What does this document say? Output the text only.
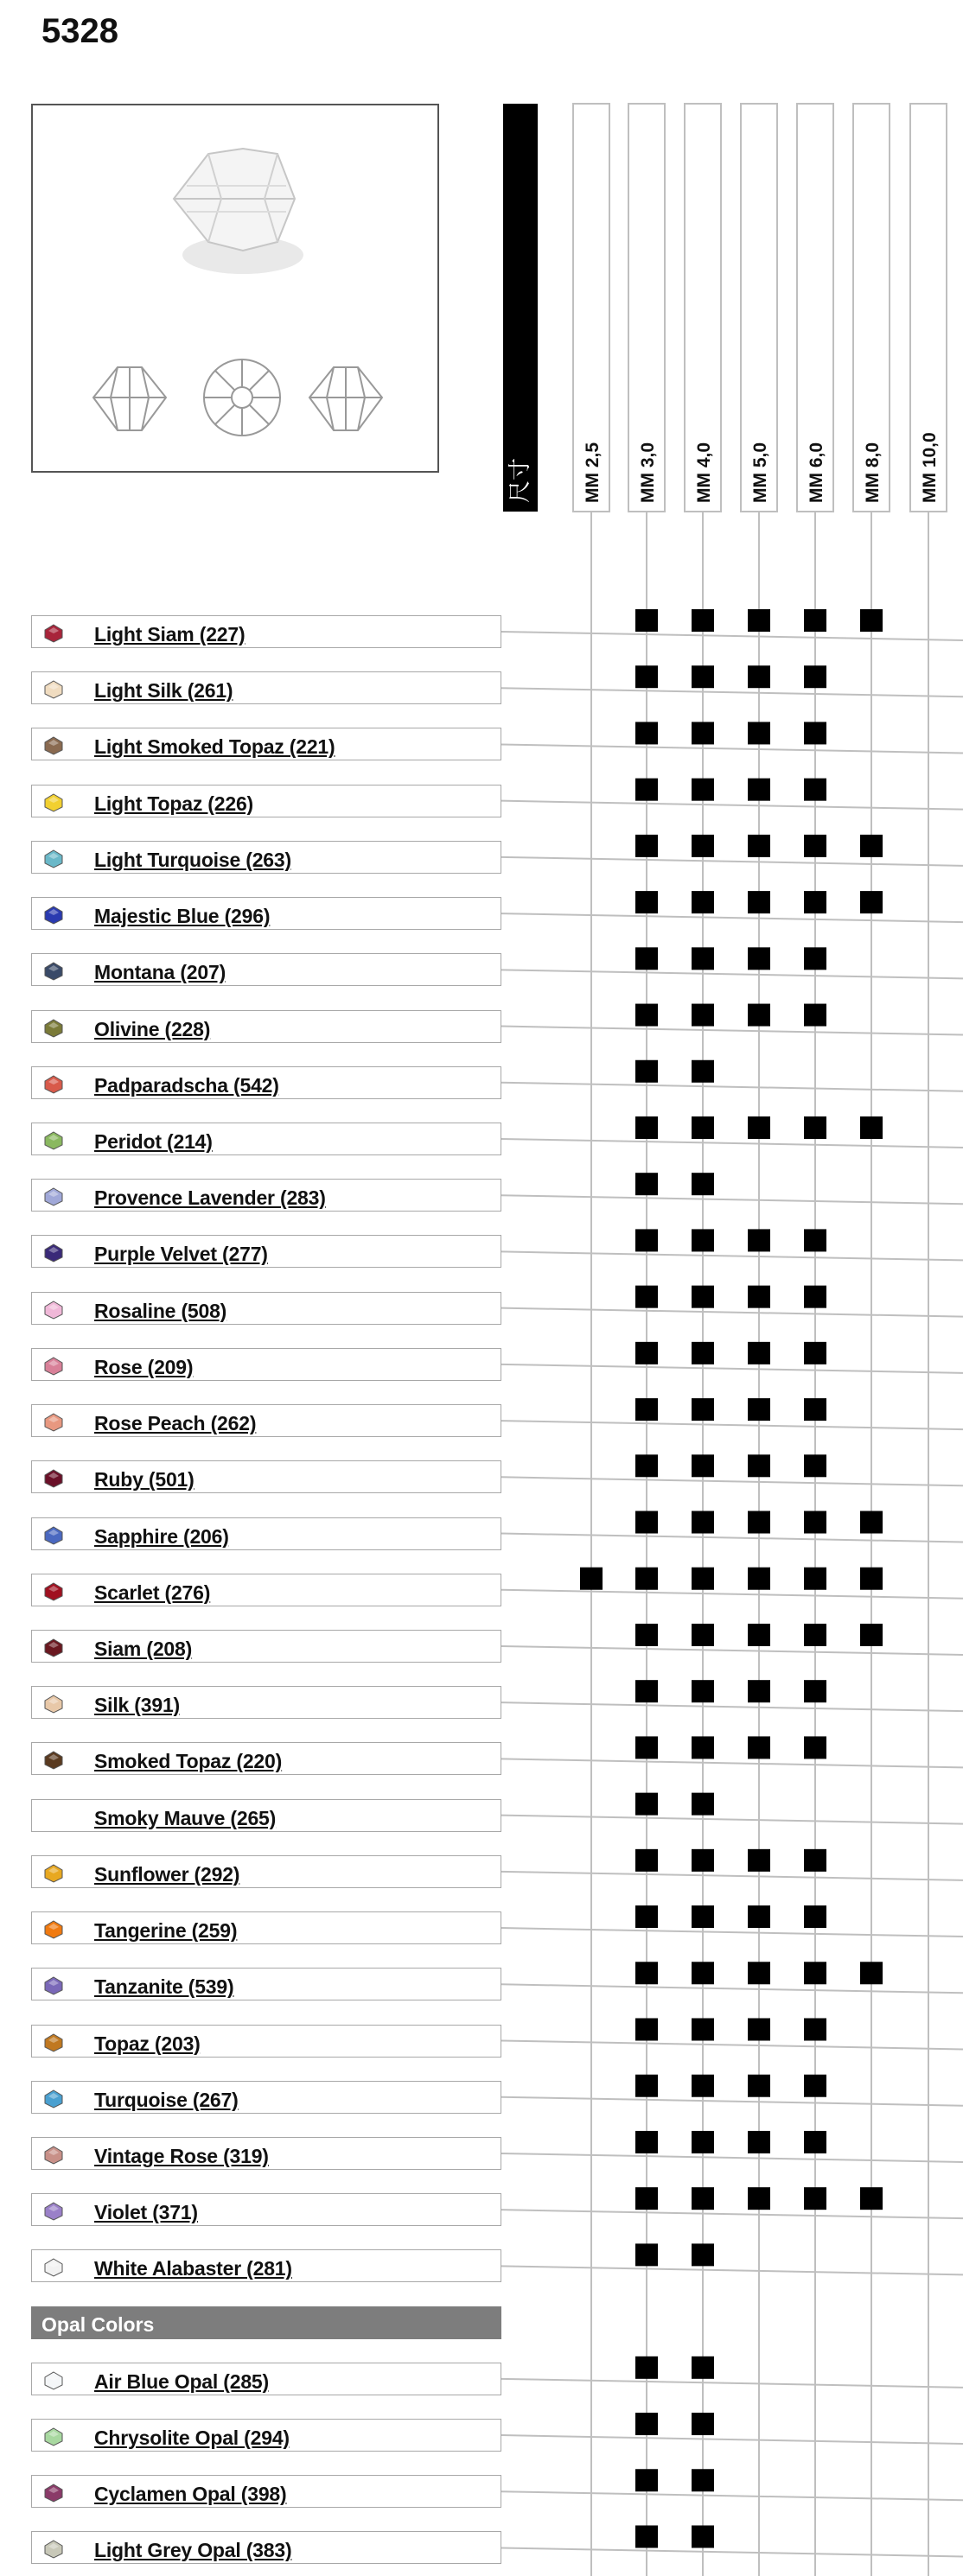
5328
尺寸	MM 2,5 MM 3,0 MM 4,0 MM 5,0 MM 6,0 MM 8,0 MM 10,0
Light Siam (227)
Light Silk (261)
Light Smoked Topaz (221)
Light Topaz (226)
Light Turquoise (263)
Majestic Blue (296)
Montana (207)
Olivine (228)
Padparadscha (542)
Peridot (214)
Provence Lavender (283)
Purple Velvet (277)
Rosaline (508)
Rose (209)
Rose Peach (262)
Ruby (501)
Sapphire (206)
Scarlet (276)
Siam (208)
Silk (391)
Smoked Topaz (220)
Smoky Mauve (265)
Sunflower (292)
Tangerine (259)
Tanzanite (539)
Topaz (203)
Turquoise (267)
Vintage Rose (319)
Violet (371)
White Alabaster (281)
Opal Colors
Air Blue Opal (285)
Chrysolite Opal (294)
Cyclamen Opal (398)
Light Grey Opal (383)
